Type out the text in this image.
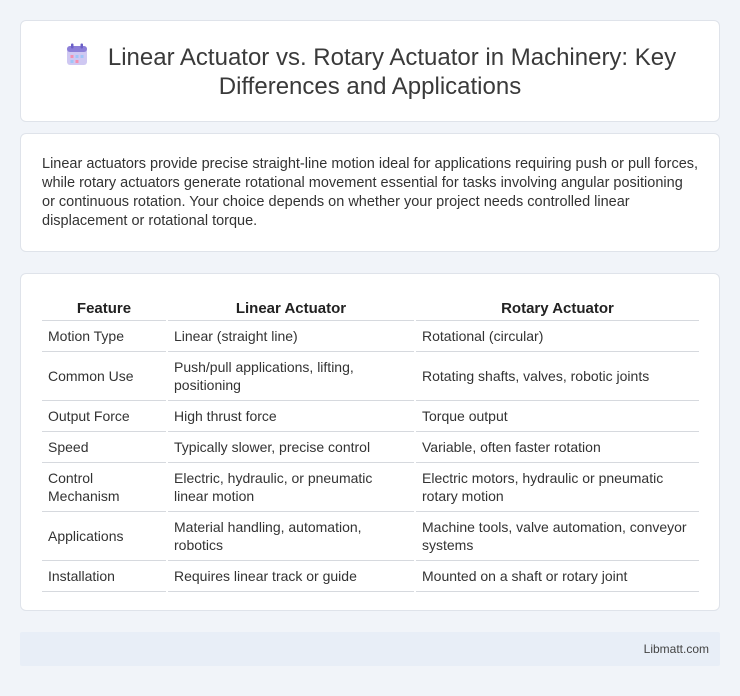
Linear Actuator vs. Rotary Actuator in Machinery: Key Differences and Applications

Linear actuators provide precise straight-line motion ideal for applications requiring push or pull forces, while rotary actuators generate rotational movement essential for tasks involving angular positioning or continuous rotation. Your choice depends on whether your project needs controlled linear displacement or rotational torque.

Feature	Linear Actuator	Rotary Actuator
Motion Type	Linear (straight line)	Rotational (circular)
Common Use	Push/pull applications, lifting, positioning	Rotating shafts, valves, robotic joints
Output Force	High thrust force	Torque output
Speed	Typically slower, precise control	Variable, often faster rotation
Control Mechanism	Electric, hydraulic, or pneumatic linear motion	Electric motors, hydraulic or pneumatic rotary motion
Applications	Material handling, automation, robotics	Machine tools, valve automation, conveyor systems
Installation	Requires linear track or guide	Mounted on a shaft or rotary joint
Libmatt.com
